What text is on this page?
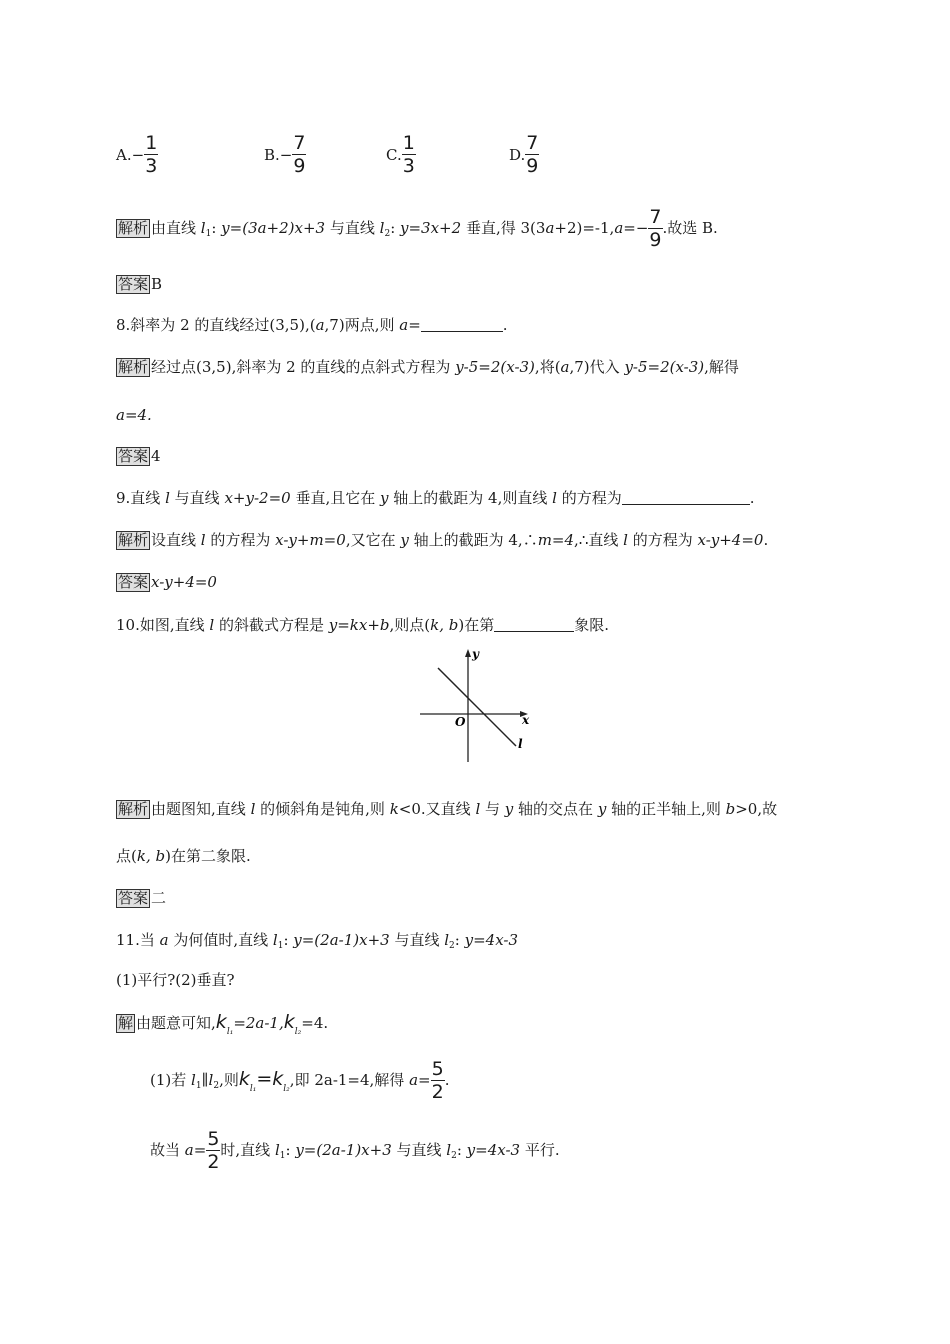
$A.- \frac{1}{3}$	$B.- \frac{7}{9}$	C. $\frac{1}{3}$	D. $\frac{7}{9}$
解析 由直线 $l_1$: y=(3a+2)x+3 与直线 $l_2$: y=3x+2 垂直,得 $3(3a+2)=-1,a=- \frac{7}{9}$ .故选 B.
答案 B
8.斜率为 2 的直线经过(3,5),(a,7)两点,则 a=	.
解析 经过点(3,5),斜率为 2 的直线的点斜式方程为 y-5=2(x-3),将(a,7)代入 y-5=2(x-3),解得
a=4.
答案 4
9.直线 l 与直线 x+y-2=0 垂直,且它在 y 轴上的截距为 4,则直线 l 的方程为	.
解析 设直线 l 的方程为 x-y+m=0,又它在 y 轴上的截距为 4,∴m=4,∴直线 l 的方程为 x-y+4=0.
答案 x-y+4=0
10.如图,直线 l 的斜截式方程是 y=kx+b,则点(k, b)在第	象限.
y
x
O
l
解析 由题图知,直线 l 的倾斜角是钝角,则 k<0.又直线 l 与 y 轴的交点在 y 轴的正半轴上,则 b>0,故
点(k, b)在第二象限.
答案 二
11.当 a 为何值时,直线 $l_1$: y=(2a-1)x+3 与直线 $l_2$: y=4x-3
(1)平行?(2)垂直?
解 由题意可知$,k_{l_1}=2a-1,k_{l_2}=4$.
(1)若 $l_1\parallel l_2$,则$k_{l_1}=k_{l_2}$,即 2a-1=4,解得 $a= \frac{5}{2}$ .
故当 $a= \frac{5}{2}$ 时,直线 $l_1$: y=(2a-1)x+3 与直线 $l_2$: y=4x-3 平行.
